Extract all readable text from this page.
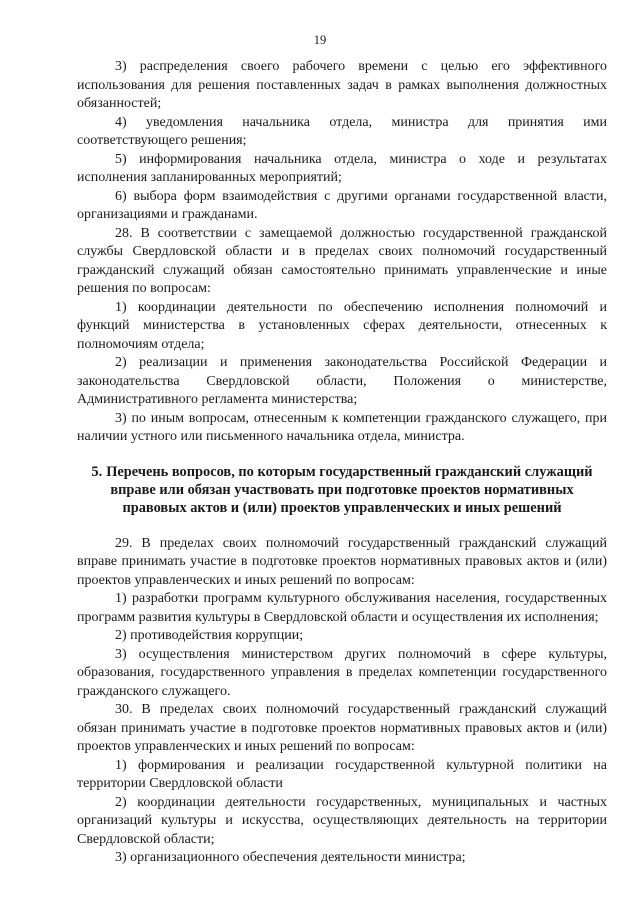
19

3) распределения своего рабочего времени с целью его эффективного использования для решения поставленных задач в рамках выполнения должностных обязанностей;

4) уведомления начальника отдела, министра для принятия ими соответствующего решения;

5) информирования начальника отдела, министра о ходе и результатах исполнения запланированных мероприятий;

6) выбора форм взаимодействия с другими органами государственной власти, организациями и гражданами.

28. В соответствии с замещаемой должностью государственной гражданской службы Свердловской области и в пределах своих полномочий государственный гражданский служащий обязан самостоятельно принимать управленческие и иные решения по вопросам:

1) координации деятельности по обеспечению исполнения полномочий и функций министерства в установленных сферах деятельности, отнесенных к полномочиям отдела;

2) реализации и применения законодательства Российской Федерации и законодательства Свердловской области, Положения о министерстве, Административного регламента министерства;

3) по иным вопросам, отнесенным к компетенции гражданского служащего, при наличии устного или письменного начальника отдела, министра.

5. Перечень вопросов, по которым государственный гражданский служащий вправе или обязан участвовать при подготовке проектов нормативных правовых актов и (или) проектов управленческих и иных решений

29. В пределах своих полномочий государственный гражданский служащий вправе принимать участие в подготовке проектов нормативных правовых актов и (или) проектов управленческих и иных решений по вопросам:

1) разработки программ культурного обслуживания населения, государственных программ развития культуры в Свердловской области и осуществления их исполнения;

2) противодействия коррупции;

3) осуществления министерством других полномочий в сфере культуры, образования, государственного управления в пределах компетенции государственного гражданского служащего.

30. В пределах своих полномочий государственный гражданский служащий обязан принимать участие в подготовке проектов нормативных правовых актов и (или) проектов управленческих и иных решений по вопросам:

1) формирования и реализации государственной культурной политики на территории Свердловской области

2) координации деятельности государственных, муниципальных и частных организаций культуры и искусства, осуществляющих деятельность на территории Свердловской области;

3) организационного обеспечения деятельности министра;
